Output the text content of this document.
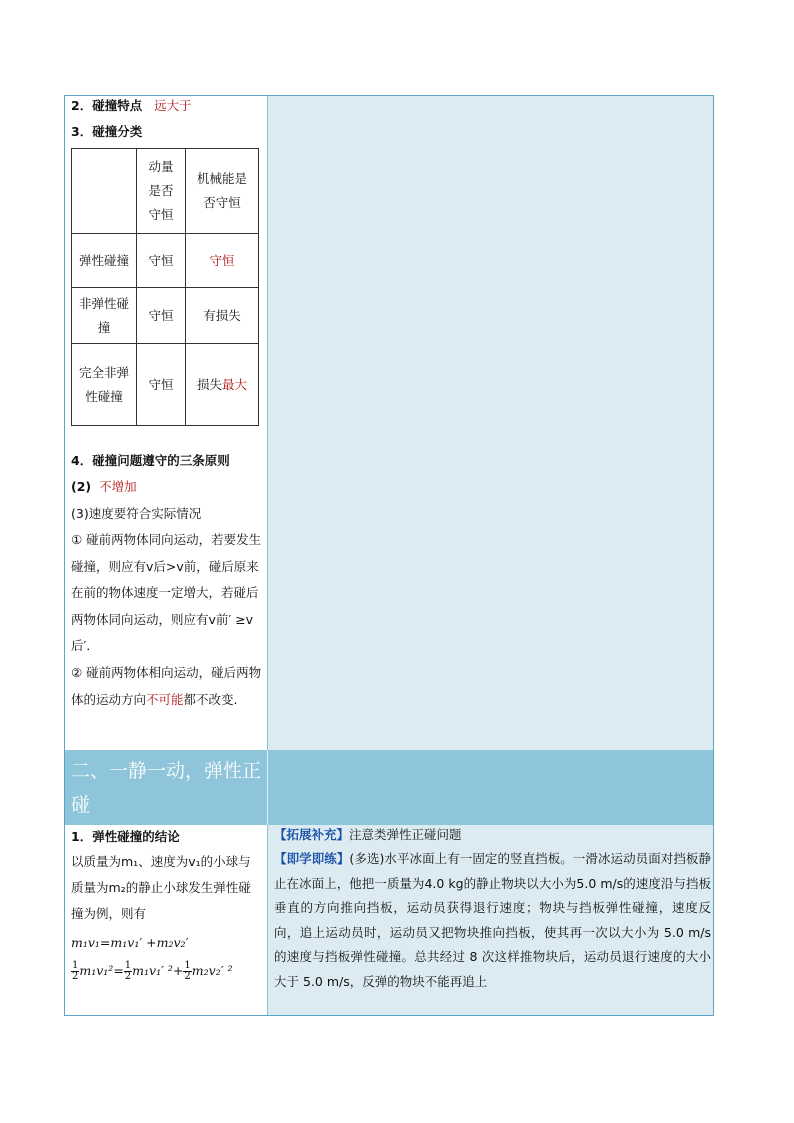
2．碰撞特点 远大于
3．碰撞分类

	动量是否守恒	机械能是否守恒

弹性碰撞	守恒	守恒

非弹性碰撞	守恒	有损失

完全非弹性碰撞	守恒	损失最大
4．碰撞问题遵守的三条原则
(2) 不增加
(3)速度要符合实际情况
① 碰前两物体同向运动，若要发生碰撞，则应有v后>v前，碰后原来在前的物体速度一定增大，若碰后两物体同向运动，则应有v前′ ≥v后′．
② 碰前两物体相向运动，碰后两物体的运动方向不可能都不改变.
二、一静一动，弹性正碰
1．弹性碰撞的结论
以质量为m₁、速度为v₁的小球与质量为m₂的静止小球发生弹性碰撞为例，则有
m₁v₁=m₁v₁′ +m₂v₂′
$\frac{1}{2} m_1v_1^2= \frac{1}{2} m_1v_1'$ $^2+ \frac{1}{2} m_2v_2'$ ²
【拓展补充】注意类弹性正碰问题
【即学即练】(多选)水平冰面上有一固定的竖直挡板。一滑冰运动员面对挡板静止在冰面上，他把一质量为4.0 kg的静止物块以大小为5.0 m/s的速度沿与挡板垂直的方向推向挡板，运动员获得退行速度；物块与挡板弹性碰撞，速度反向，追上运动员时，运动员又把物块推向挡板，使其再一次以大小为 5.0 m/s 的速度与挡板弹性碰撞。总共经过 8 次这样推物块后，运动员退行速度的大小大于 5.0 m/s，反弹的物块不能再追上
